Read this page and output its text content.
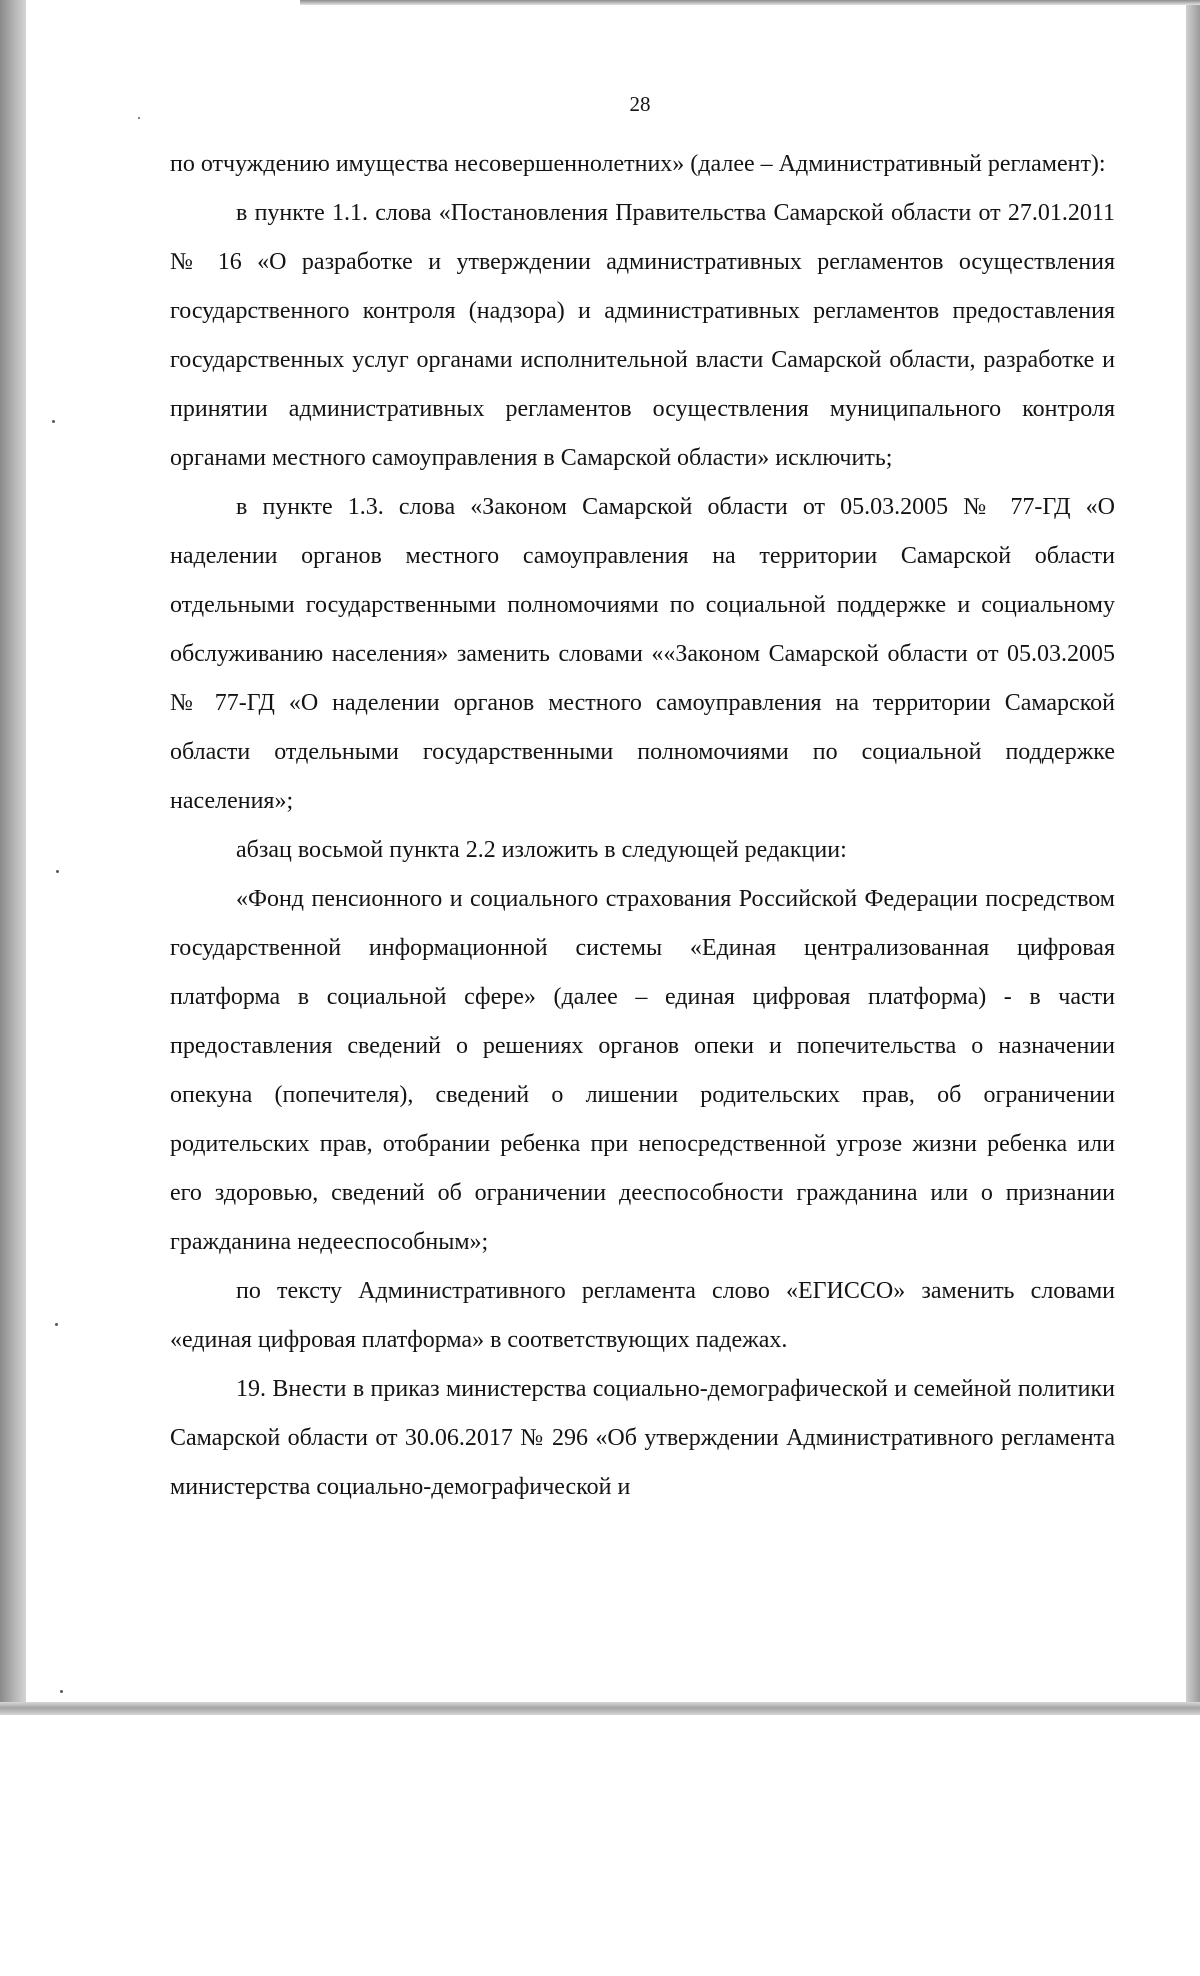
28

по отчуждению имущества несовершеннолетних» (далее – Административный регламент):

в пункте 1.1. слова «Постановления Правительства Самарской области от 27.01.2011 № 16 «О разработке и утверждении административных регламентов осуществления государственного контроля (надзора) и административных регламентов предоставления государственных услуг органами исполнительной власти Самарской области, разработке и принятии административных регламентов осуществления муниципального контроля органами местного самоуправления в Самарской области» исключить;

в пункте 1.3. слова «Законом Самарской области от 05.03.2005 № 77-ГД «О наделении органов местного самоуправления на территории Самарской области отдельными государственными полномочиями по социальной поддержке и социальному обслуживанию населения» заменить словами ««Законом Самарской области от 05.03.2005 № 77-ГД «О наделении органов местного самоуправления на территории Самарской области отдельными государственными полномочиями по социальной поддержке населения»;

абзац восьмой пункта 2.2 изложить в следующей редакции:

«Фонд пенсионного и социального страхования Российской Федерации посредством государственной информационной системы «Единая централизованная цифровая платформа в социальной сфере» (далее – единая цифровая платформа) - в части предоставления сведений о решениях органов опеки и попечительства о назначении опекуна (попечителя), сведений о лишении родительских прав, об ограничении родительских прав, отобрании ребенка при непосредственной угрозе жизни ребенка или его здоровью, сведений об ограничении дееспособности гражданина или о признании гражданина недееспособным»;

по тексту Административного регламента слово «ЕГИССО» заменить словами «единая цифровая платформа» в соответствующих падежах.

19. Внести в приказ министерства социально-демографической и семейной политики Самарской области от 30.06.2017 № 296 «Об утверждении Административного регламента министерства социально-демографической и
